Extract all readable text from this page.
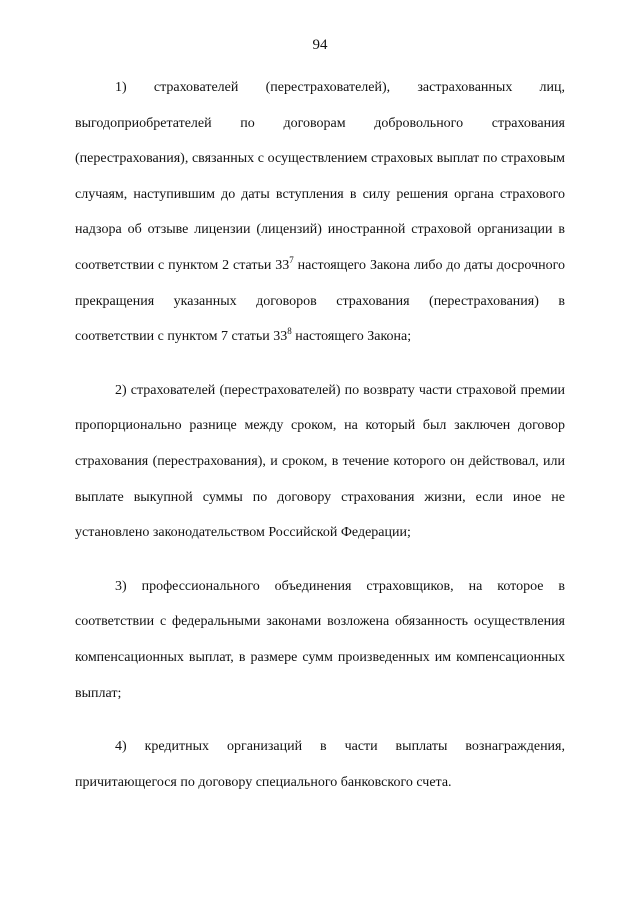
94

1) страхователей (перестрахователей), застрахованных лиц, выгодоприобретателей по договорам добровольного страхования (перестрахования), связанных с осуществлением страховых выплат по страховым случаям, наступившим до даты вступления в силу решения органа страхового надзора об отзыве лицензии (лицензий) иностранной страховой организации в соответствии с пунктом 2 статьи $33^7$ настоящего Закона либо до даты досрочного прекращения указанных договоров страхования (перестрахования) в соответствии с пунктом 7 статьи $33^8$ настоящего Закона;

2) страхователей (перестрахователей) по возврату части страховой премии пропорционально разнице между сроком, на который был заключен договор страхования (перестрахования), и сроком, в течение которого он действовал, или выплате выкупной суммы по договору страхования жизни, если иное не установлено законодательством Российской Федерации;

3) профессионального объединения страховщиков, на которое в соответствии с федеральными законами возложена обязанность осуществления компенсационных выплат, в размере сумм произведенных им компенсационных выплат;

4) кредитных организаций в части выплаты вознаграждения, причитающегося по договору специального банковского счета.
